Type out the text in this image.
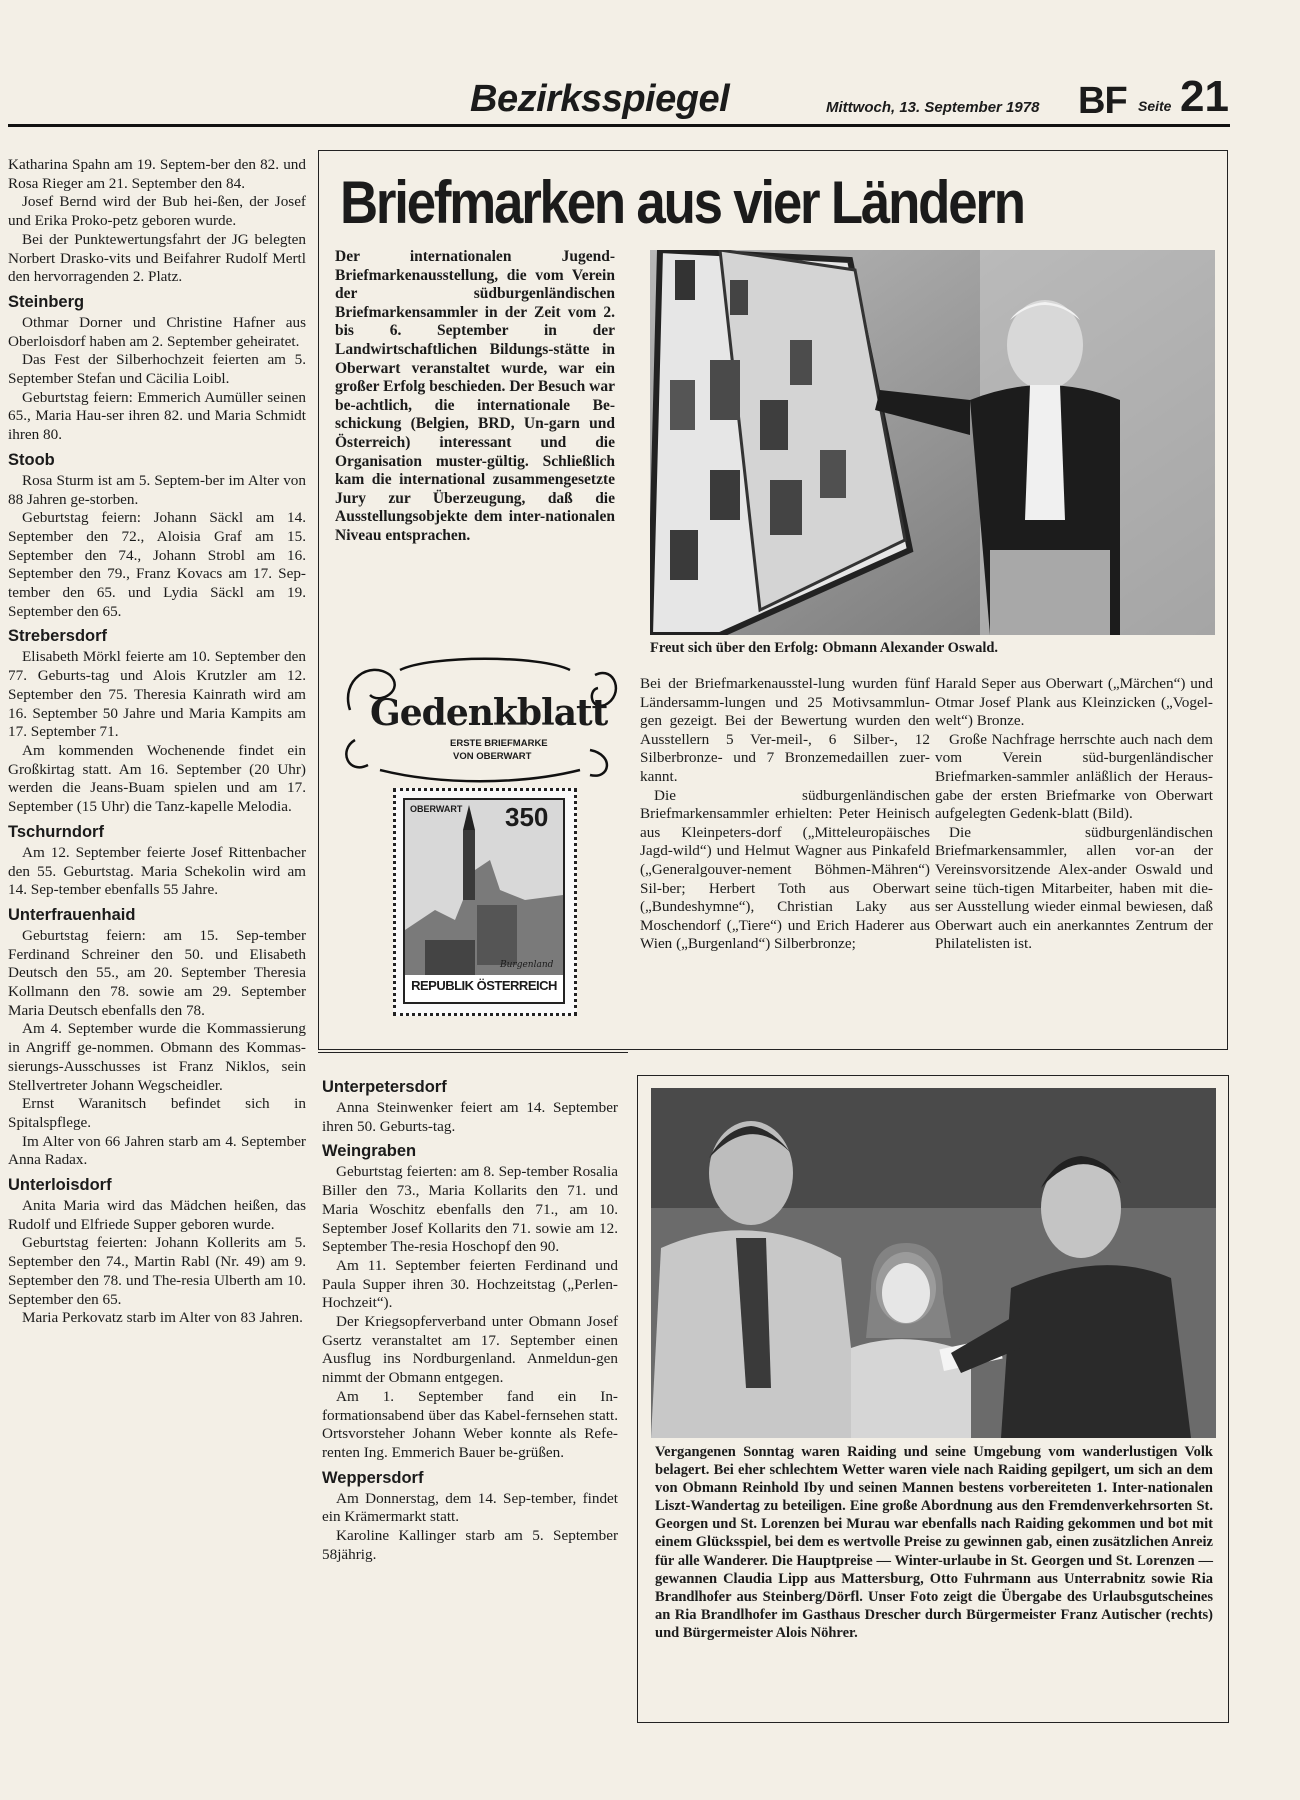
Bezirksspiegel	Mittwoch, 13. September 1978 BF Seite 21

Katharina Spahn am 19. Septem-ber den 82. und Rosa Rieger am 21. September den 84.

Josef Bernd wird der Bub hei-ßen, der Josef und Erika Proko-petz geboren wurde.

Bei der Punktewertungsfahrt der JG belegten Norbert Drasko-vits und Beifahrer Rudolf Mertl den hervorragenden 2. Platz.

Steinberg

Othmar Dorner und Christine Hafner aus Oberloisdorf haben am 2. September geheiratet.

Das Fest der Silberhochzeit feierten am 5. September Stefan und Cäcilia Loibl.

Geburtstag feiern: Emmerich Aumüller seinen 65., Maria Hau-ser ihren 82. und Maria Schmidt ihren 80.

Stoob

Rosa Sturm ist am 5. Septem-ber im Alter von 88 Jahren ge-storben.

Geburtstag feiern: Johann Säckl am 14. September den 72., Aloisia Graf am 15. September den 74., Johann Strobl am 16. September den 79., Franz Kovacs am 17. Sep-tember den 65. und Lydia Säckl am 19. September den 65.

Strebersdorf

Elisabeth Mörkl feierte am 10. September den 77. Geburts-tag und Alois Krutzler am 12. September den 75. Theresia Kainrath wird am 16. September 50 Jahre und Maria Kampits am 17. September 71.

Am kommenden Wochenende findet ein Großkirtag statt. Am 16. September (20 Uhr) werden die Jeans-Buam spielen und am 17. September (15 Uhr) die Tanz-kapelle Melodia.

Tschurndorf

Am 12. September feierte Josef Rittenbacher den 55. Geburtstag. Maria Schekolin wird am 14. Sep-tember ebenfalls 55 Jahre.

Unterfrauenhaid

Geburtstag feiern: am 15. Sep-tember Ferdinand Schreiner den 50. und Elisabeth Deutsch den 55., am 20. September Theresia Kollmann den 78. sowie am 29. September Maria Deutsch ebenfalls den 78.

Am 4. September wurde die Kommassierung in Angriff ge-nommen. Obmann des Kommas-sierungs-Ausschusses ist Franz Niklos, sein Stellvertreter Johann Wegscheidler.

Ernst Waranitsch befindet sich in Spitalspflege.

Im Alter von 66 Jahren starb am 4. September Anna Radax.

Unterloisdorf

Anita Maria wird das Mädchen heißen, das Rudolf und Elfriede Supper geboren wurde.

Geburtstag feierten: Johann Kollerits am 5. September den 74., Martin Rabl (Nr. 49) am 9. September den 78. und The-resia Ulberth am 10. September den 65.

Maria Perkovatz starb im Alter von 83 Jahren.

Briefmarken aus vier Ländern
Der internationalen Jugend-Briefmarkenausstellung, die vom Verein der südburgenländischen Briefmarkensammler in der Zeit vom 2. bis 6. September in der Landwirtschaftlichen Bildungs-stätte in Oberwart veranstaltet wurde, war ein großer Erfolg beschieden. Der Besuch war be-achtlich, die internationale Be-schickung (Belgien, BRD, Un-garn und Österreich) interessant und die Organisation muster-gültig. Schließlich kam die international zusammengesetzte Jury zur Überzeugung, daß die Ausstellungsobjekte dem inter-nationalen Niveau entsprachen.
Freut sich über den Erfolg: Obmann Alexander Oswald.
Gedenkblatt
ERSTE BRIEFMARKE
VON OBERWART
OBERWART 350
Burgenland
REPUBLIK ÖSTERREICH

Bei der Briefmarkenausstel-lung wurden fünf Ländersamm-lungen und 25 Motivsammlun-gen gezeigt. Bei der Bewertung wurden den Ausstellern 5 Ver-meil-, 6 Silber-, 12 Silberbronze- und 7 Bronzemedaillen zuer-kannt.

Die südburgenländischen Briefmarkensammler erhielten: Peter Heinisch aus Kleinpeters-dorf („Mitteleuropäisches Jagd-wild“) und Helmut Wagner aus Pinkafeld („Generalgouver-nement Böhmen-Mähren“) Sil-ber; Herbert Toth aus Oberwart („Bundeshymne“), Christian Laky aus Moschendorf („Tiere“) und Erich Haderer aus Wien („Burgenland“) Silberbronze;

Harald Seper aus Oberwart („Märchen“) und Otmar Josef Plank aus Kleinzicken („Vogel-welt“) Bronze.

Große Nachfrage herrschte auch nach dem vom Verein süd-burgenländischer Briefmarken-sammler anläßlich der Heraus-gabe der ersten Briefmarke von Oberwart aufgelegten Gedenk-blatt (Bild).

Die südburgenländischen Briefmarkensammler, allen vor-an der Vereinsvorsitzende Alex-ander Oswald und seine tüch-tigen Mitarbeiter, haben mit die-ser Ausstellung wieder einmal bewiesen, daß Oberwart auch ein anerkanntes Zentrum der Philatelisten ist.

Unterpetersdorf

Anna Steinwenker feiert am 14. September ihren 50. Geburts-tag.

Weingraben

Geburtstag feierten: am 8. Sep-tember Rosalia Biller den 73., Maria Kollarits den 71. und Maria Woschitz ebenfalls den 71., am 10. September Josef Kollarits den 71. sowie am 12. September The-resia Hoschopf den 90.

Am 11. September feierten Ferdinand und Paula Supper ihren 30. Hochzeitstag („Perlen-Hochzeit“).

Der Kriegsopferverband unter Obmann Josef Gsertz veranstaltet am 17. September einen Ausflug ins Nordburgenland. Anmeldun-gen nimmt der Obmann entgegen.

Am 1. September fand ein In-formationsabend über das Kabel-fernsehen statt. Ortsvorsteher Johann Weber konnte als Refe-renten Ing. Emmerich Bauer be-grüßen.

Weppersdorf

Am Donnerstag, dem 14. Sep-tember, findet ein Krämermarkt statt.

Karoline Kallinger starb am 5. September 58jährig.

Vergangenen Sonntag waren Raiding und seine Umgebung vom wanderlustigen Volk belagert. Bei eher schlechtem Wetter waren viele nach Raiding gepilgert, um sich an dem von Obmann Reinhold Iby und seinen Mannen bestens vorbereiteten 1. Inter-nationalen Liszt-Wandertag zu beteiligen. Eine große Abordnung aus den Fremdenverkehrsorten St. Georgen und St. Lorenzen bei Murau war ebenfalls nach Raiding gekommen und bot mit einem Glücksspiel, bei dem es wertvolle Preise zu gewinnen gab, einen zusätzlichen Anreiz für alle Wanderer. Die Hauptpreise — Winter-urlaube in St. Georgen und St. Lorenzen — gewannen Claudia Lipp aus Mattersburg, Otto Fuhrmann aus Unterrabnitz sowie Ria Brandlhofer aus Steinberg/Dörfl. Unser Foto zeigt die Übergabe des Urlaubsgutscheines an Ria Brandlhofer im Gasthaus Drescher durch Bürgermeister Franz Autischer (rechts) und Bürgermeister Alois Nöhrer.
